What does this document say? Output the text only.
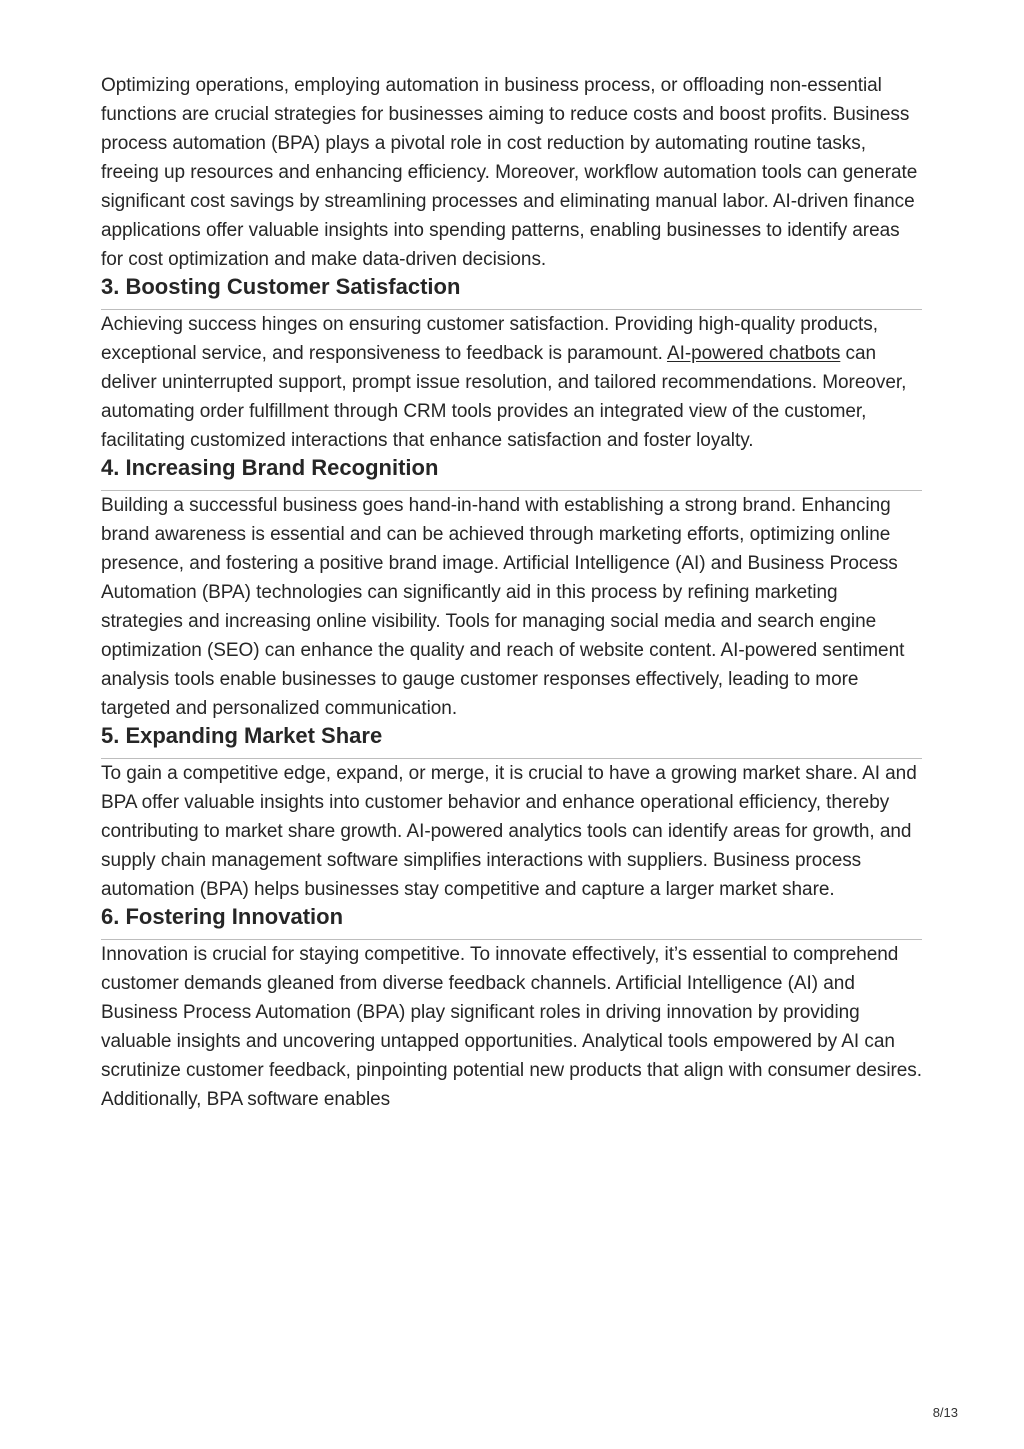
Optimizing operations, employing automation in business process, or offloading non-essential functions are crucial strategies for businesses aiming to reduce costs and boost profits. Business process automation (BPA) plays a pivotal role in cost reduction by automating routine tasks, freeing up resources and enhancing efficiency. Moreover, workflow automation tools can generate significant cost savings by streamlining processes and eliminating manual labor. AI-driven finance applications offer valuable insights into spending patterns, enabling businesses to identify areas for cost optimization and make data-driven decisions.

3. Boosting Customer Satisfaction

Achieving success hinges on ensuring customer satisfaction. Providing high-quality products, exceptional service, and responsiveness to feedback is paramount. AI-powered chatbots can deliver uninterrupted support, prompt issue resolution, and tailored recommendations. Moreover, automating order fulfillment through CRM tools provides an integrated view of the customer, facilitating customized interactions that enhance satisfaction and foster loyalty.

4. Increasing Brand Recognition

Building a successful business goes hand-in-hand with establishing a strong brand. Enhancing brand awareness is essential and can be achieved through marketing efforts, optimizing online presence, and fostering a positive brand image. Artificial Intelligence (AI) and Business Process Automation (BPA) technologies can significantly aid in this process by refining marketing strategies and increasing online visibility. Tools for managing social media and search engine optimization (SEO) can enhance the quality and reach of website content. AI-powered sentiment analysis tools enable businesses to gauge customer responses effectively, leading to more targeted and personalized communication.

5. Expanding Market Share

To gain a competitive edge, expand, or merge, it is crucial to have a growing market share. AI and BPA offer valuable insights into customer behavior and enhance operational efficiency, thereby contributing to market share growth. AI-powered analytics tools can identify areas for growth, and supply chain management software simplifies interactions with suppliers. Business process automation (BPA) helps businesses stay competitive and capture a larger market share.

6. Fostering Innovation

Innovation is crucial for staying competitive. To innovate effectively, it’s essential to comprehend customer demands gleaned from diverse feedback channels. Artificial Intelligence (AI) and Business Process Automation (BPA) play significant roles in driving innovation by providing valuable insights and uncovering untapped opportunities. Analytical tools empowered by AI can scrutinize customer feedback, pinpointing potential new products that align with consumer desires. Additionally, BPA software enables

8/13
